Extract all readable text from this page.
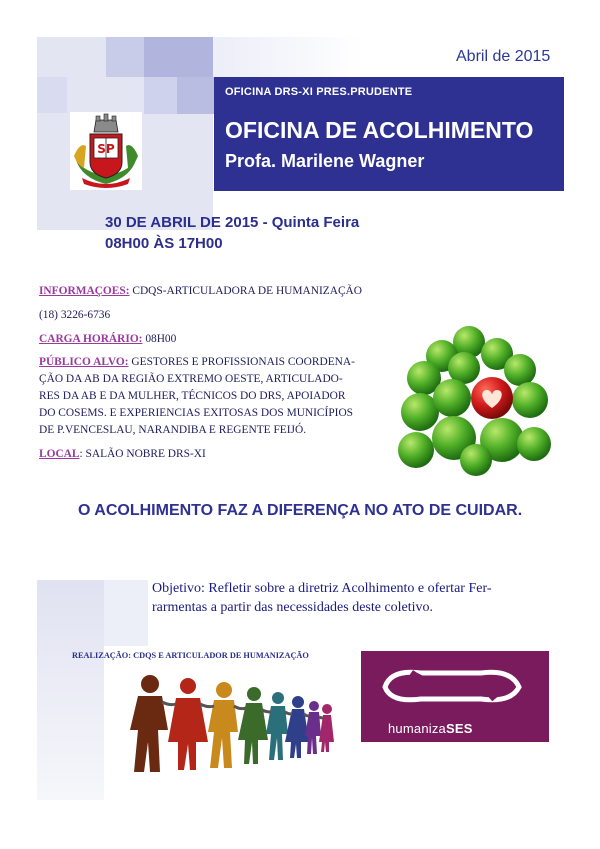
Abril de 2015
OFICINA DRS-XI PRES.PRUDENTE
OFICINA DE ACOLHIMENTO
Profa. Marilene Wagner
SP
30 DE ABRIL DE 2015 - Quinta Feira
08H00 ÀS 17H00
INFORMAÇOES: CDQS-ARTICULADORA DE HUMANIZAÇÃO
(18) 3226-6736
CARGA HORÁRIO: 08H00
PÚBLICO ALVO: GESTORES E PROFISSIONAIS COORDENA-
ÇÃO DA AB DA REGIÃO EXTREMO OESTE, ARTICULADO-
RES DA AB E DA MULHER, TÉCNICOS DO DRS, APOIADOR
DO COSEMS. E EXPERIENCIAS EXITOSAS DOS MUNICÍPIOS
DE P.VENCESLAU, NARANDIBA E REGENTE FEIJÓ.
LOCAL: SALÃO NOBRE DRS-XI
O ACOLHIMENTO FAZ A DIFERENÇA NO ATO DE CUIDAR.
Objetivo: Refletir sobre a diretriz Acolhimento e ofertar Fer-
rarmentas a partir das necessidades deste coletivo.
REALIZAÇÃO: CDQS E ARTICULADOR DE HUMANIZAÇÃO
humanizaSES
